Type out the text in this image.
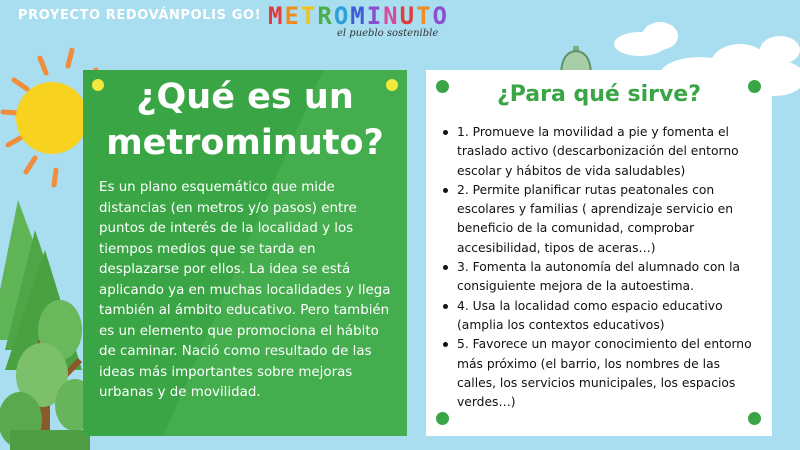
PROYECTO REDOVÁNPOLIS GO! METROMINUTO
el pueblo sostenible
¿Qué es un
metrominuto?
Es un plano esquemático que mide distancias (en metros y/o pasos) entre puntos de interés de la localidad y los tiempos medios que se tarda en desplazarse por ellos. La idea se está aplicando ya en muchas localidades y llega también al ámbito educativo. Pero también es un elemento que promociona el hábito de caminar. Nació como resultado de las ideas más importantes sobre mejoras urbanas y de movilidad.
¿Para qué sirve?
1. Promueve la movilidad a pie y fomenta el traslado activo (descarbonización del entorno escolar y hábitos de vida saludables)
2. Permite planificar rutas peatonales con escolares y familias ( aprendizaje servicio en beneficio de la comunidad, comprobar accesibilidad, tipos de aceras…)
3. Fomenta la autonomía del alumnado con la consiguiente mejora de la autoestima.
4. Usa la localidad como espacio educativo (amplia los contextos educativos)
5. Favorece un mayor conocimiento del entorno más próximo (el barrio, los nombres de las calles, los servicios municipales, los espacios verdes…)
